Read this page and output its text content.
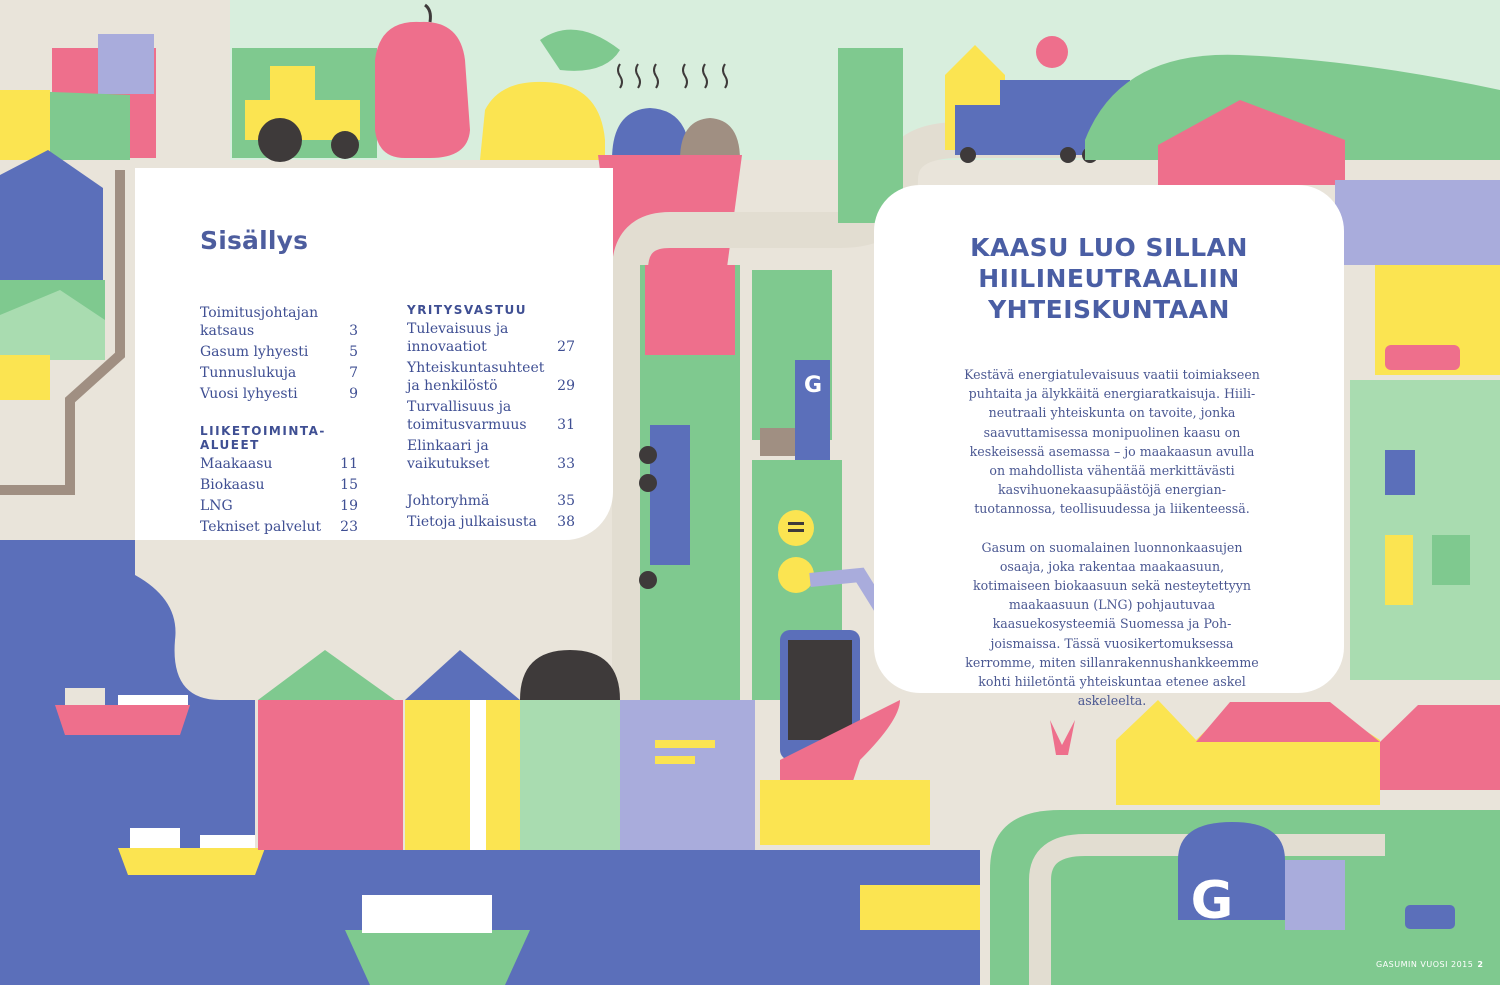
G
G
Sisällys
Toimitusjohtajan katsaus	3
Gasum lyhyesti	5
Tunnuslukuja	7
Vuosi lyhyesti	9
LIIKETOIMINTA-ALUEET
Maakaasu	11
Biokaasu	15
LNG	19
Tekniset palvelut	23
YRITYSVASTUU
Tulevaisuus ja innovaatiot	27
Yhteiskuntasuhteet ja henkilöstö	29
Turvallisuus ja toimitusvarmuus	31
Elinkaari ja vaikutukset	33
Johtoryhmä	35
Tietoja julkaisusta	38
KAASU LUO SILLAN HIILINEUTRAALIIN YHTEISKUNTAAN

Kestävä energiatulevaisuus vaatii toimiakseen puhtaita ja älykkäitä energiaratkaisuja. Hiilineutraali yhteiskunta on tavoite, jonka saavuttamisessa monipuolinen kaasu on keskeisessä asemassa – jo maakaasun avulla on mahdollista vähentää merkittävästi kasvihuonekaasupäästöjä energiantuotannossa, teollisuudessa ja liikenteessä.

Gasum on suomalainen luonnonkaasujen osaaja, joka rakentaa maakaasuun, kotimaiseen biokaasuun sekä nesteytettyyn maakaasuun (LNG) pohjautuvaa kaasuekosysteemiä Suomessa ja Pohjoismaissa. Tässä vuosikertomuksessa kerromme, miten sillanrakennushankkeemme kohti hiiletöntä yhteiskuntaa etenee askel askeleelta.

GASUMIN VUOSI 2015 2
